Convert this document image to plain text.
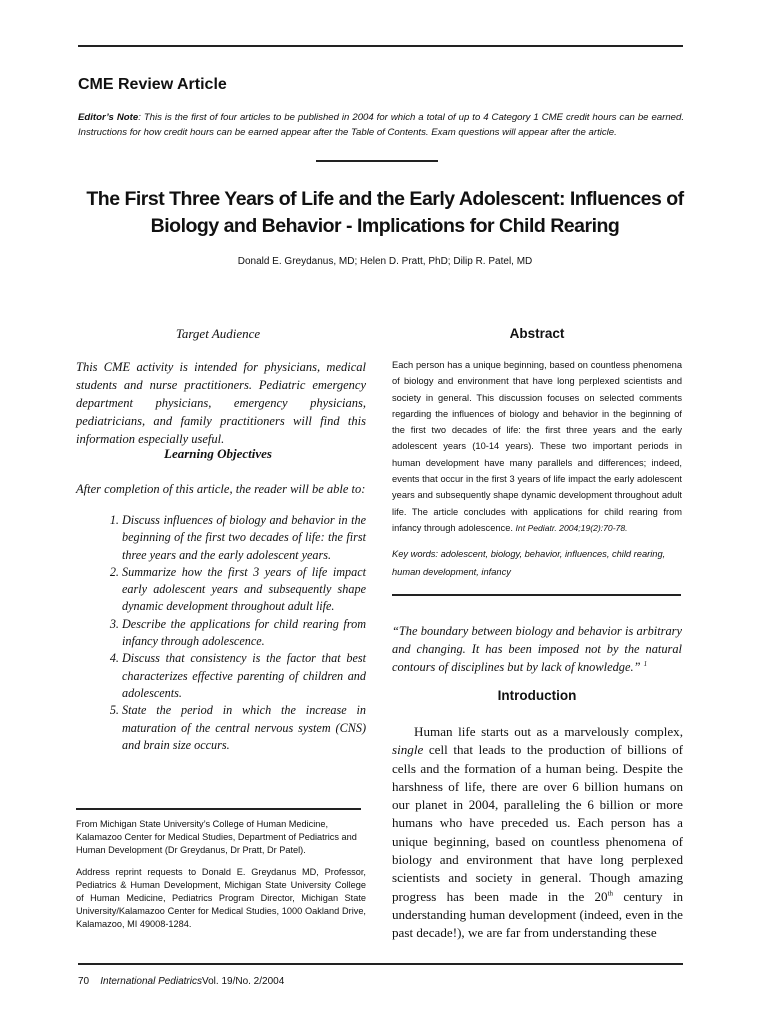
CME Review Article
Editor’s Note: This is the first of four articles to be published in 2004 for which a total of up to 4 Category 1 CME credit hours can be earned. Instructions for how credit hours can be earned appear after the Table of Contents. Exam questions will appear after the article.
The First Three Years of Life and the Early Adolescent: Influences of Biology and Behavior - Implications for Child Rearing
Donald E. Greydanus, MD; Helen D. Pratt, PhD; Dilip R. Patel, MD
Target Audience
This CME activity is intended for physicians, medical students and nurse practitioners. Pediatric emergency department physicians, emergency physicians, pediatricians, and family practitioners will find this information especially useful.
Learning Objectives
After completion of this article, the reader will be able to:
1. Discuss influences of biology and behavior in the beginning of the first two decades of life: the first three years and the early adolescent years.
2. Summarize how the first 3 years of life impact early adolescent years and subsequently shape dynamic development throughout adult life.
3. Describe the applications for child rearing from infancy through adolescence.
4. Discuss that consistency is the factor that best characterizes effective parenting of children and adolescents.
5. State the period in which the increase in maturation of the central nervous system (CNS) and brain size occurs.
From Michigan State University’s College of Human Medicine, Kalamazoo Center for Medical Studies, Department of Pediatrics and Human Development (Dr Greydanus, Dr Pratt, Dr Patel).
Address reprint requests to Donald E. Greydanus MD, Professor, Pediatrics & Human Development, Michigan State University College of Human Medicine, Pediatrics Program Director, Michigan State University/Kalamazoo Center for Medical Studies, 1000 Oakland Drive, Kalamazoo, MI 49008-1284.
Abstract
Each person has a unique beginning, based on countless phenomena of biology and environment that have long perplexed scientists and society in general. This discussion focuses on selected comments regarding the influences of biology and behavior in the beginning of the first two decades of life: the first three years and the early adolescent years (10-14 years). These two important periods in human development have many parallels and differences; indeed, events that occur in the first 3 years of life impact the early adolescent years and subsequently shape dynamic development throughout adult life. The article concludes with applications for child rearing from infancy through adolescence. Int Pediatr. 2004;19(2):70-78.
Key words: adolescent, biology, behavior, influences, child rearing, human development, infancy
“The boundary between biology and behavior is arbitrary and changing. It has been imposed not by the natural contours of disciplines but by lack of knowledge.” $^1$
Introduction
Human life starts out as a marvelously complex, single cell that leads to the production of billions of cells and the formation of a human being. Despite the harshness of life, there are over 6 billion humans on our planet in 2004, paralleling the 6 billion or more humans who have preceded us. Each person has a unique beginning, based on countless phenomena of biology and environment that have long perplexed scientists and society in general. Though amazing progress has been made in the 20th century in understanding human development (indeed, even in the past decade!), we are far from understanding these
70 International PediatricsVol. 19/No. 2/2004
